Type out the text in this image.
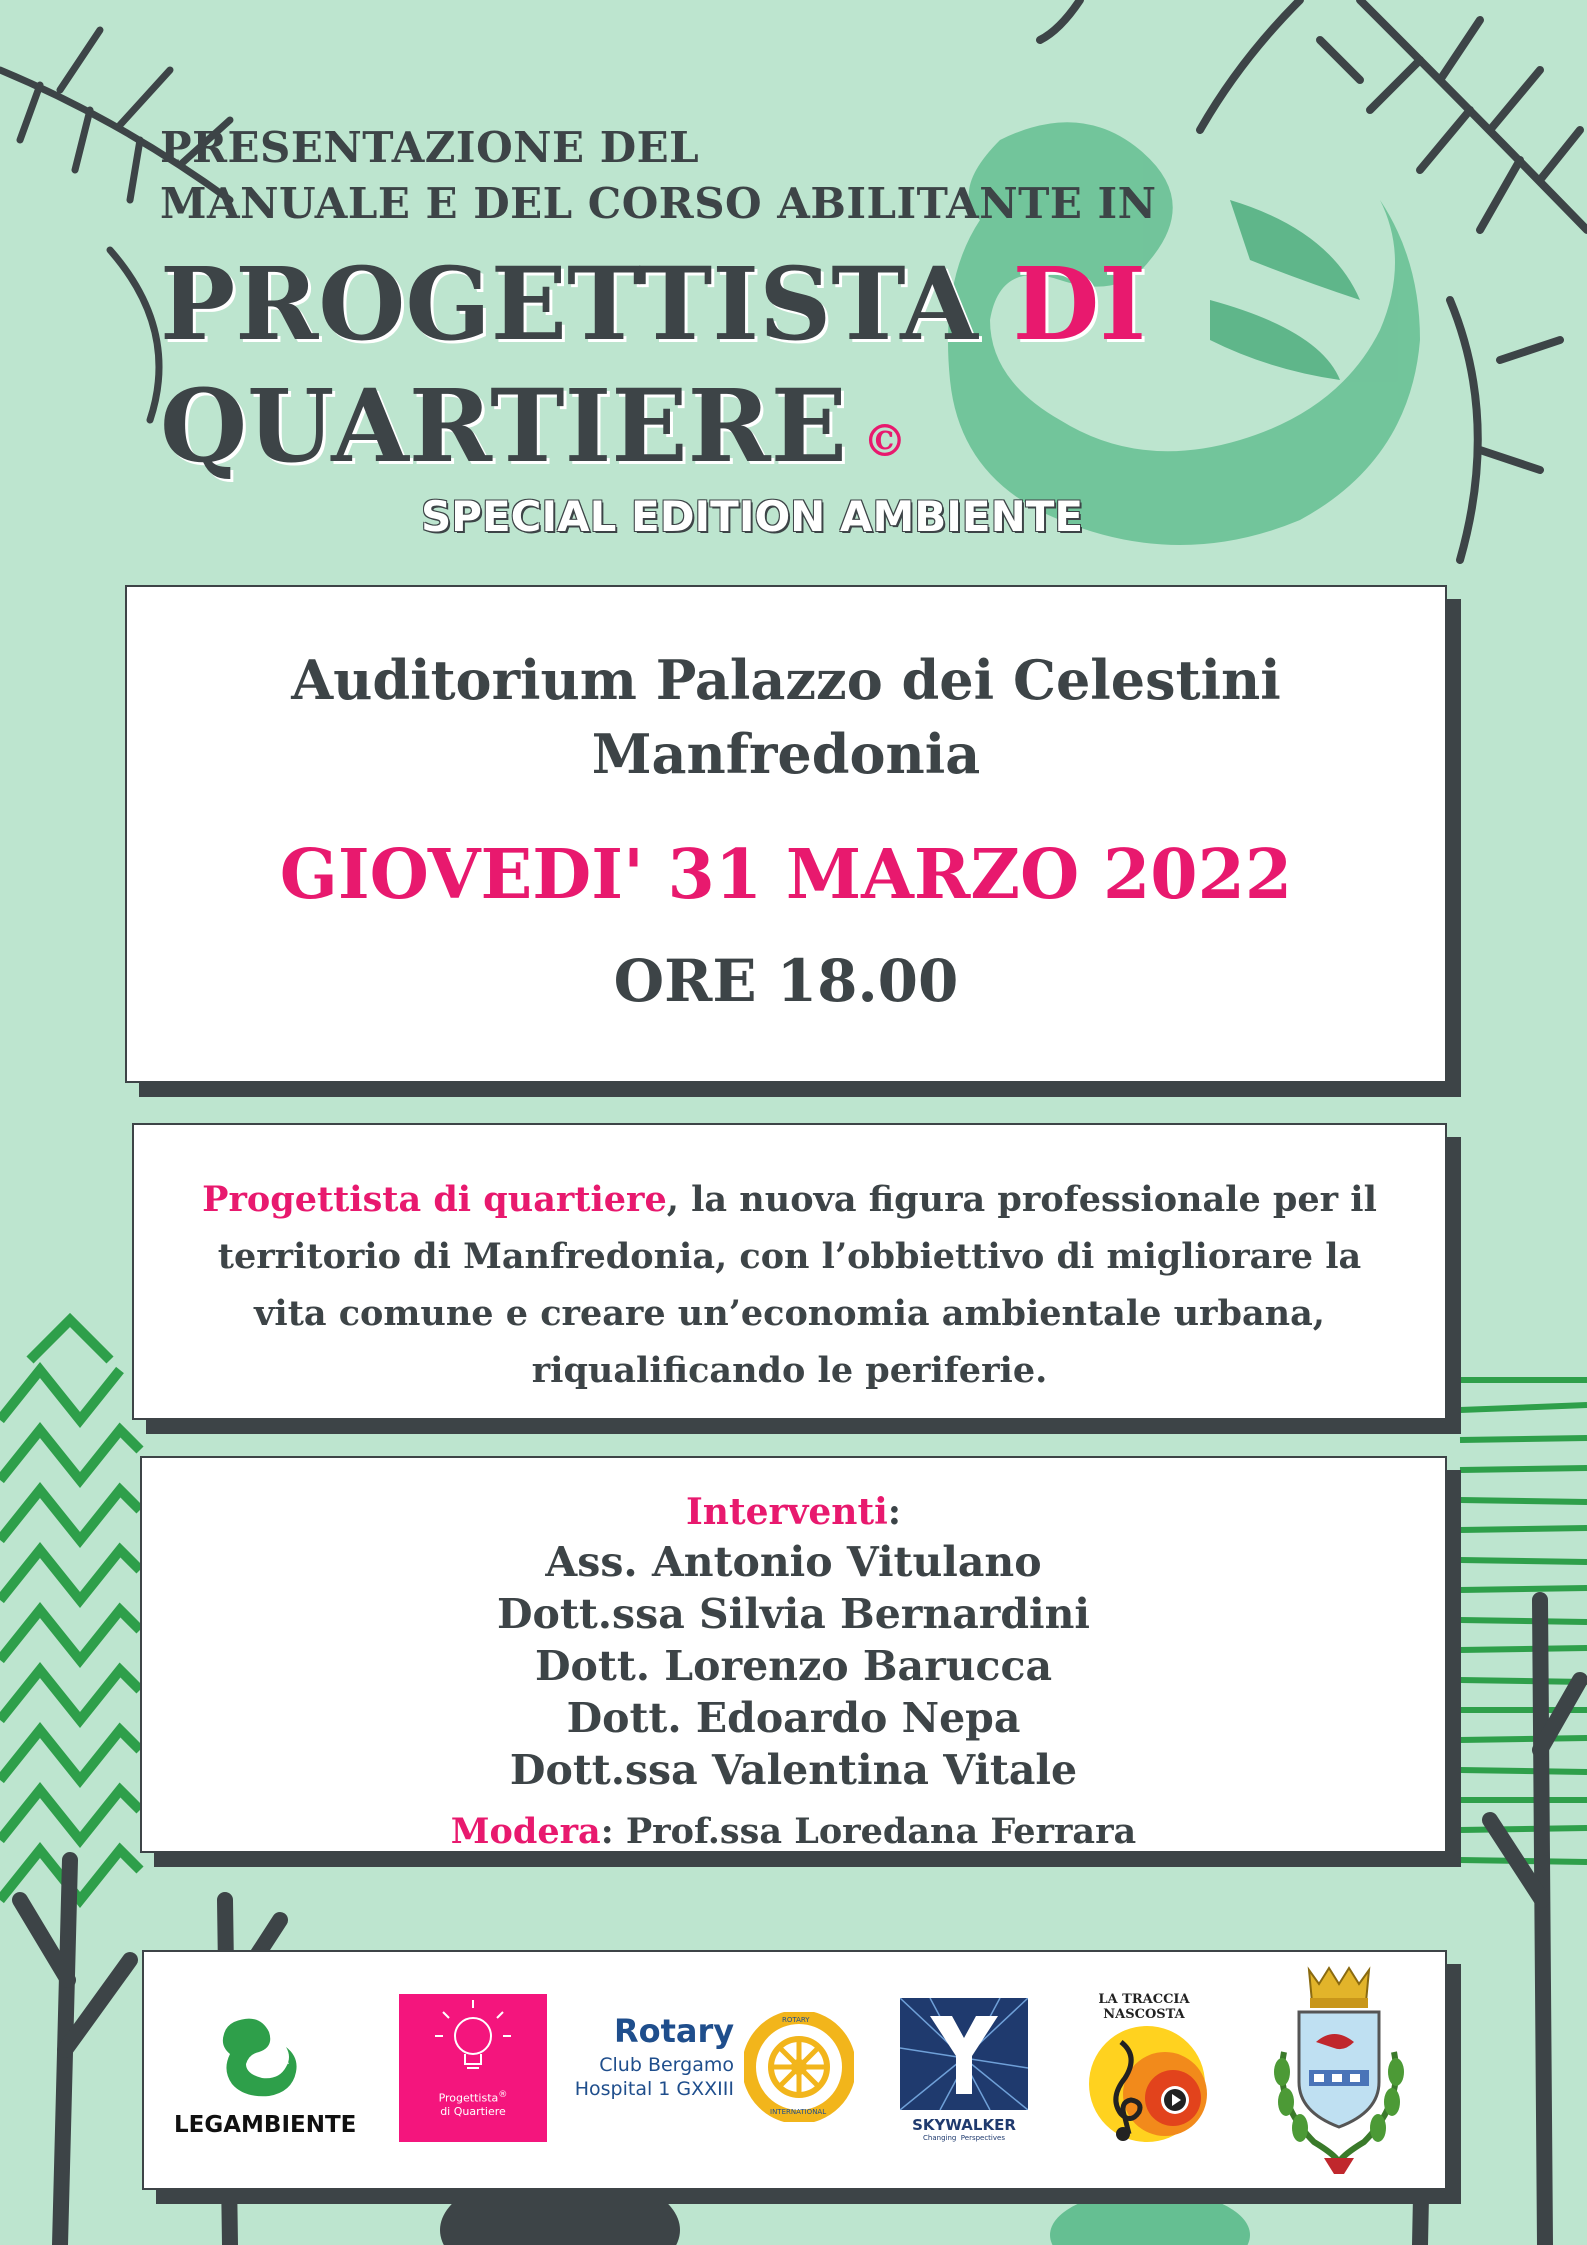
PRESENTAZIONE DEL

MANUALE E DEL CORSO ABILITANTE IN

PROGETTISTA DI

QUARTIERE ©

SPECIAL EDITION AMBIENTE

Auditorium Palazzo dei Celestini

Manfredonia

GIOVEDI' 31 MARZO 2022

ORE 18.00

Progettista di quartiere, la nuova figura professionale per il territorio di Manfredonia, con l’obbiettivo di migliorare la vita comune e creare un’economia ambientale urbana, riqualificando le periferie.

Interventi:

Ass. Antonio Vitulano

Dott.ssa Silvia Bernardini

Dott. Lorenzo Barucca

Dott. Edoardo Nepa

Dott.ssa Valentina Vitale

Modera: Prof.ssa Loredana Ferrara

LEGAMBIENTE
Progettista®
di Quartiere
Rotary
Club Bergamo
Hospital 1 GXXIII
ROTARY
INTERNATIONAL
SKYWALKER
Changing  Perspectives
LA TRACCIA NASCOSTA
